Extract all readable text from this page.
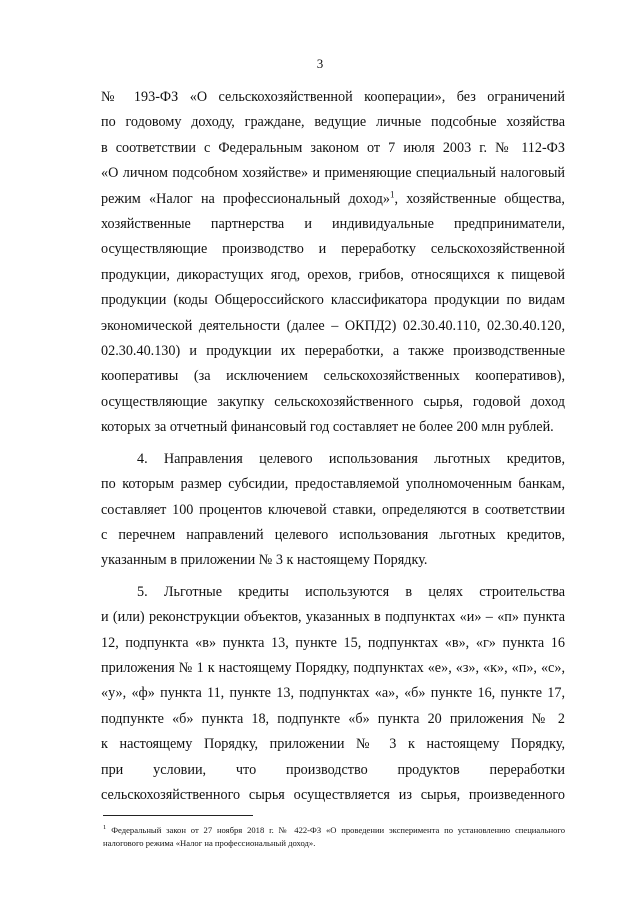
3

№ 193-ФЗ «О сельскохозяйственной кооперации», без ограничений

по годовому доходу, граждане, ведущие личные подсобные хозяйства

в соответствии с Федеральным законом от 7 июля 2003 г. № 112-ФЗ

«О личном подсобном хозяйстве» и применяющие специальный налоговый

режим «Налог на профессиональный доход»$^1$, хозяйственные общества,

хозяйственные партнерства и индивидуальные предприниматели,

осуществляющие производство и переработку сельскохозяйственной

продукции, дикорастущих ягод, орехов, грибов, относящихся к пищевой

продукции (коды Общероссийского классификатора продукции по видам

экономической деятельности (далее – ОКПД2) 02.30.40.110, 02.30.40.120,

02.30.40.130) и продукции их переработки, а также производственные

кооперативы (за исключением сельскохозяйственных кооперативов),

осуществляющие закупку сельскохозяйственного сырья, годовой доход

которых за отчетный финансовый год составляет не более 200 млн рублей.

4. Направления целевого использования льготных кредитов,

по которым размер субсидии, предоставляемой уполномоченным банкам,

составляет 100 процентов ключевой ставки, определяются в соответствии

с перечнем направлений целевого использования льготных кредитов,

указанным в приложении № 3 к настоящему Порядку.

5. Льготные кредиты используются в целях строительства

и (или) реконструкции объектов, указанных в подпунктах «и» – «п» пункта

12, подпункта «в» пункта 13, пункте 15, подпунктах «в», «г» пункта 16

приложения № 1 к настоящему Порядку, подпунктах «е», «з», «к», «п», «с»,

«у», «ф» пункта 11, пункте 13, подпунктах «а», «б» пункте 16, пункте 17,

подпункте «б» пункта 18, подпункте «б» пункта 20 приложения № 2

к настоящему Порядку, приложении № 3 к настоящему Порядку,

при условии, что производство продуктов переработки

сельскохозяйственного сырья осуществляется из сырья, произведенного

$^1$ Федеральный закон от 27 ноября 2018 г. № 422-ФЗ «О проведении эксперимента по установлению специального налогового режима «Налог на профессиональный доход».
